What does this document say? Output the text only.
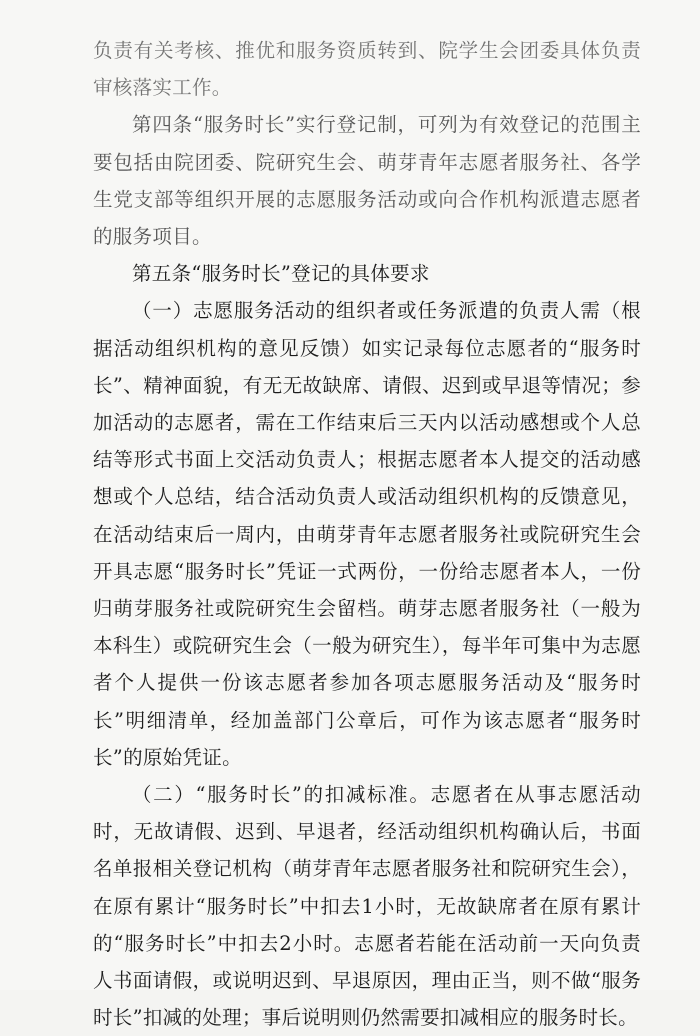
负责有关考核、推优和服务资质转到、院学生会团委具体负责审核落实工作。

第四条“服务时长”实行登记制，可列为有效登记的范围主要包括由院团委、院研究生会、萌芽青年志愿者服务社、各学生党支部等组织开展的志愿服务活动或向合作机构派遣志愿者的服务项目。

第五条“服务时长”登记的具体要求

（一）志愿服务活动的组织者或任务派遣的负责人需（根据活动组织机构的意见反馈）如实记录每位志愿者的“服务时长”、精神面貌，有无无故缺席、请假、迟到或早退等情况；参加活动的志愿者，需在工作结束后三天内以活动感想或个人总结等形式书面上交活动负责人；根据志愿者本人提交的活动感想或个人总结，结合活动负责人或活动组织机构的反馈意见，在活动结束后一周内，由萌芽青年志愿者服务社或院研究生会开具志愿“服务时长”凭证一式两份，一份给志愿者本人，一份归萌芽服务社或院研究生会留档。萌芽志愿者服务社（一般为本科生）或院研究生会（一般为研究生），每半年可集中为志愿者个人提供一份该志愿者参加各项志愿服务活动及“服务时长”明细清单，经加盖部门公章后，可作为该志愿者“服务时长”的原始凭证。

（二）“服务时长”的扣减标准。志愿者在从事志愿活动时，无故请假、迟到、早退者，经活动组织机构确认后，书面名单报相关登记机构（萌芽青年志愿者服务社和院研究生会），在原有累计“服务时长”中扣去1小时，无故缺席者在原有累计的“服务时长”中扣去2小时。志愿者若能在活动前一天向负责人书面请假，或说明迟到、早退原因，理由正当，则不做“服务时长”扣减的处理；事后说明则仍然需要扣减相应的服务时长。
